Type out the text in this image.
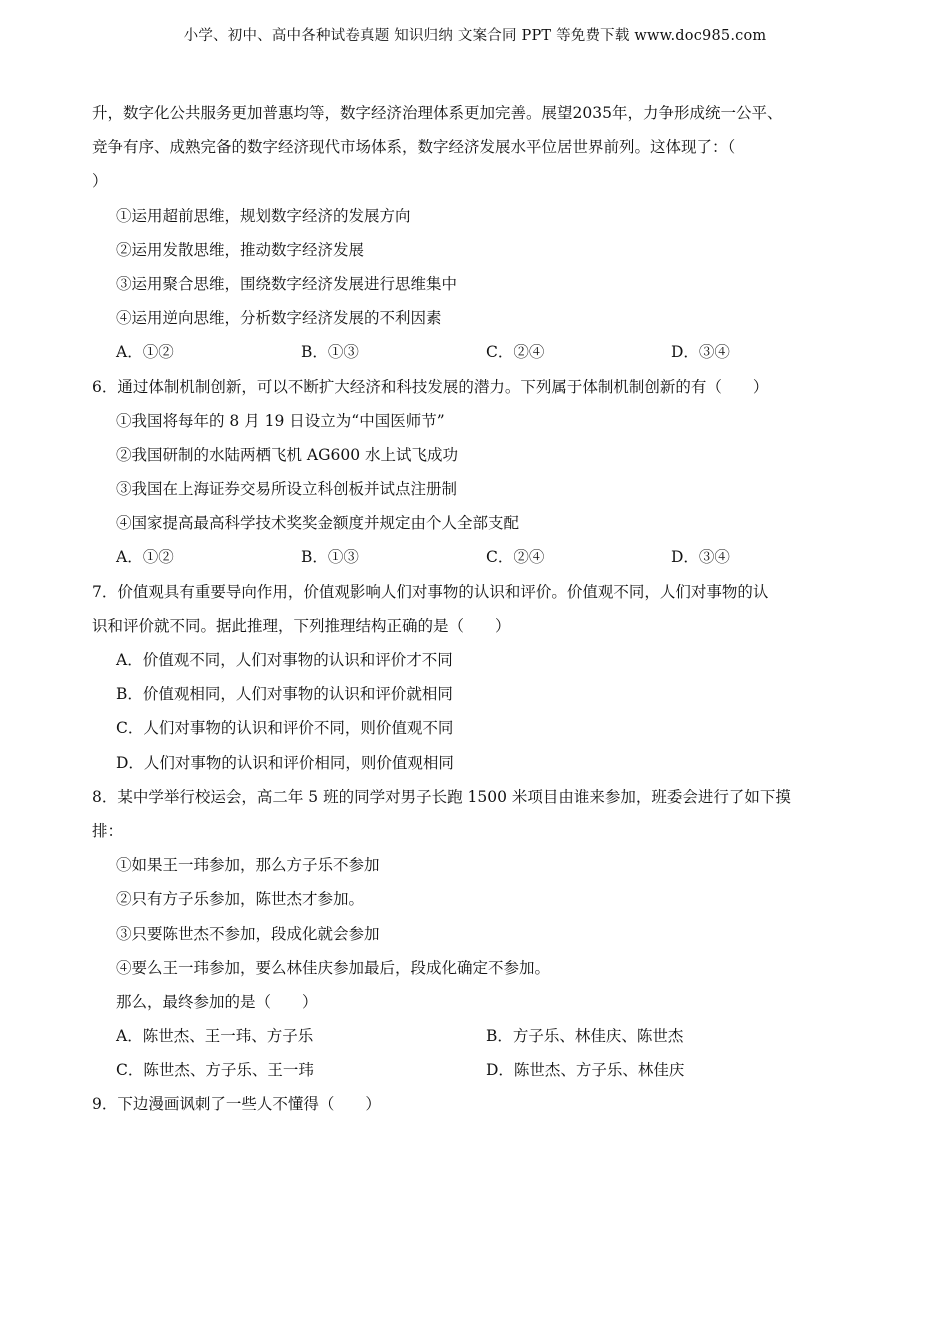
小学、初中、高中各种试卷真题 知识归纳 文案合同 PPT 等免费下载 www.doc985.com
升，数字化公共服务更加普惠均等，数字经济治理体系更加完善。展望2035年，力争形成统一公平、
竞争有序、成熟完备的数字经济现代市场体系，数字经济发展水平位居世界前列。这体现了：（
）
①运用超前思维，规划数字经济的发展方向
②运用发散思维，推动数字经济发展
③运用聚合思维，围绕数字经济发展进行思维集中
④运用逆向思维，分析数字经济发展的不利因素
A．①②	B．①③	C．②④	D．③④
6．通过体制机制创新，可以不断扩大经济和科技发展的潜力。下列属于体制机制创新的有（　　）
①我国将每年的 8 月 19 日设立为“中国医师节”
②我国研制的水陆两栖飞机 AG600 水上试飞成功
③我国在上海证券交易所设立科创板并试点注册制
④国家提高最高科学技术奖奖金额度并规定由个人全部支配
A．①②	B．①③	C．②④	D．③④
7．价值观具有重要导向作用，价值观影响人们对事物的认识和评价。价值观不同，人们对事物的认
识和评价就不同。据此推理，下列推理结构正确的是（　　）
A．价值观不同，人们对事物的认识和评价才不同
B．价值观相同，人们对事物的认识和评价就相同
C．人们对事物的认识和评价不同，则价值观不同
D．人们对事物的认识和评价相同，则价值观相同
8．某中学举行校运会，高二年 5 班的同学对男子长跑 1500 米项目由谁来参加，班委会进行了如下摸
排：
①如果王一玮参加，那么方子乐不参加
②只有方子乐参加，陈世杰才参加。
③只要陈世杰不参加，段成化就会参加
④要么王一玮参加，要么林佳庆参加最后，段成化确定不参加。
那么，最终参加的是（　　）
A．陈世杰、王一玮、方子乐	B．方子乐、林佳庆、陈世杰
C．陈世杰、方子乐、王一玮	D．陈世杰、方子乐、林佳庆
9．下边漫画讽刺了一些人不懂得（　　）
